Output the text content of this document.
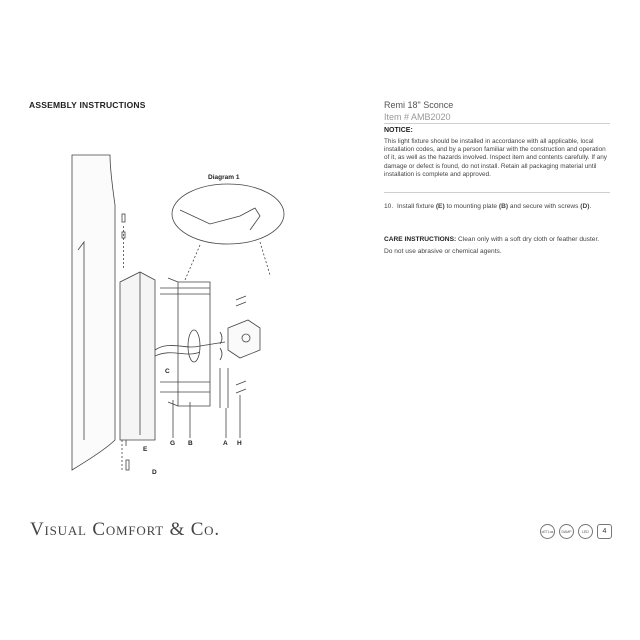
ASSEMBLY INSTRUCTIONS	Remi 18" Sconce
Item # AMB2020
NOTICE:
This light fixture should be installed in accordance with all applicable, local installation codes, and by a person familiar with the construction and operation of it, as well as the hazards involved. Inspect item and contents carefully. If any damage or defect is found, do not install. Retain all packaging material until installation is complete and approved.
10. Install fixture (E) to mounting plate (B) and secure with screws (D).
CARE INSTRUCTIONS: Clean only with a soft dry cloth or feather duster. Do not use abrasive or chemical agents.
Diagram 1
C
E
D
G B	A H
Visual Comfort & Co.	cETLus	DAMP	LED	4
